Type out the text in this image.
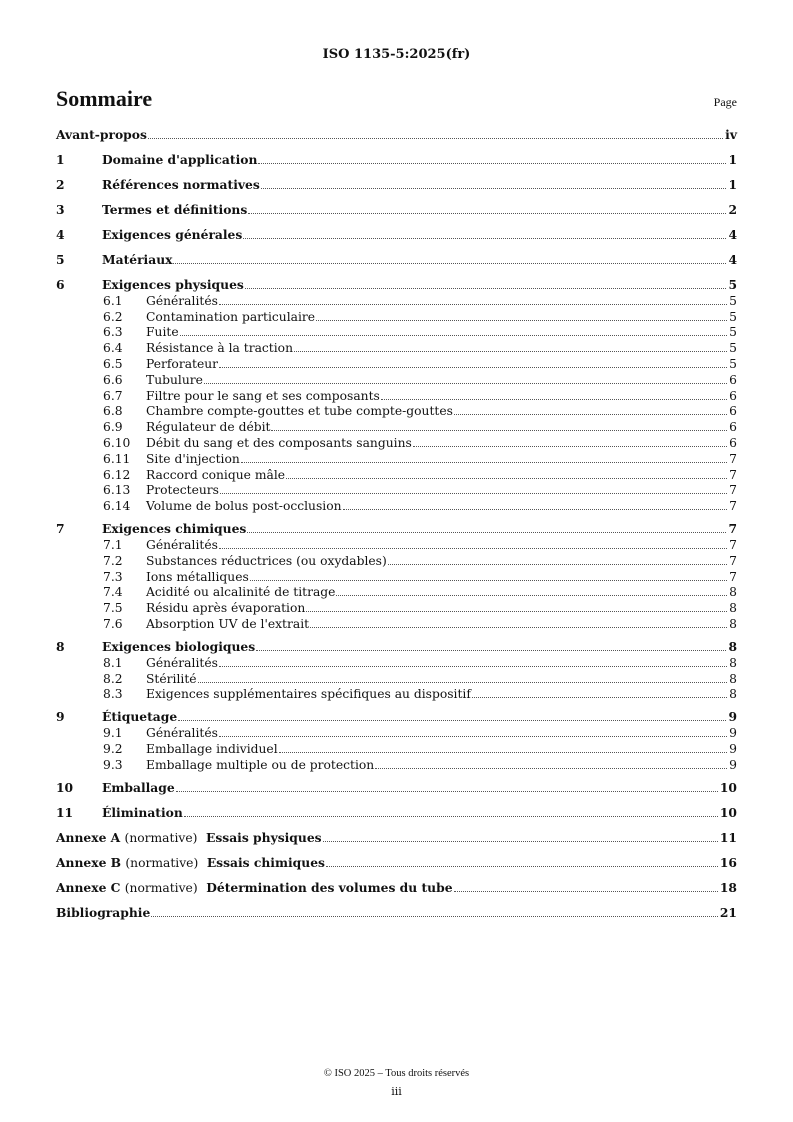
ISO 1135-5:2025(fr)
Sommaire	Page
Avant-propos	iv
1	Domaine d'application	1
2	Références normatives	1
3	Termes et définitions	2
4	Exigences générales	4
5	Matériaux	4
6	Exigences physiques	5
6.1	Généralités	5
6.2	Contamination particulaire	5
6.3	Fuite	5
6.4	Résistance à la traction	5
6.5	Perforateur	5
6.6	Tubulure	6
6.7	Filtre pour le sang et ses composants	6
6.8	Chambre compte-gouttes et tube compte-gouttes	6
6.9	Régulateur de débit	6
6.10	Débit du sang et des composants sanguins	6
6.11	Site d'injection	7
6.12	Raccord conique mâle	7
6.13	Protecteurs	7
6.14	Volume de bolus post-occlusion	7
7	Exigences chimiques	7
7.1	Généralités	7
7.2	Substances réductrices (ou oxydables)	7
7.3	Ions métalliques	7
7.4	Acidité ou alcalinité de titrage	8
7.5	Résidu après évaporation	8
7.6	Absorption UV de l'extrait	8
8	Exigences biologiques	8
8.1	Généralités	8
8.2	Stérilité	8
8.3	Exigences supplémentaires spécifiques au dispositif	8
9	Étiquetage	9
9.1	Généralités	9
9.2	Emballage individuel	9
9.3	Emballage multiple ou de protection	9
10	Emballage	10
11	Élimination	10
Annexe A (normative) Essais physiques	11
Annexe B (normative) Essais chimiques	16
Annexe C (normative) Détermination des volumes du tube	18
Bibliographie	21
© ISO 2025 – Tous droits réservés
iii
